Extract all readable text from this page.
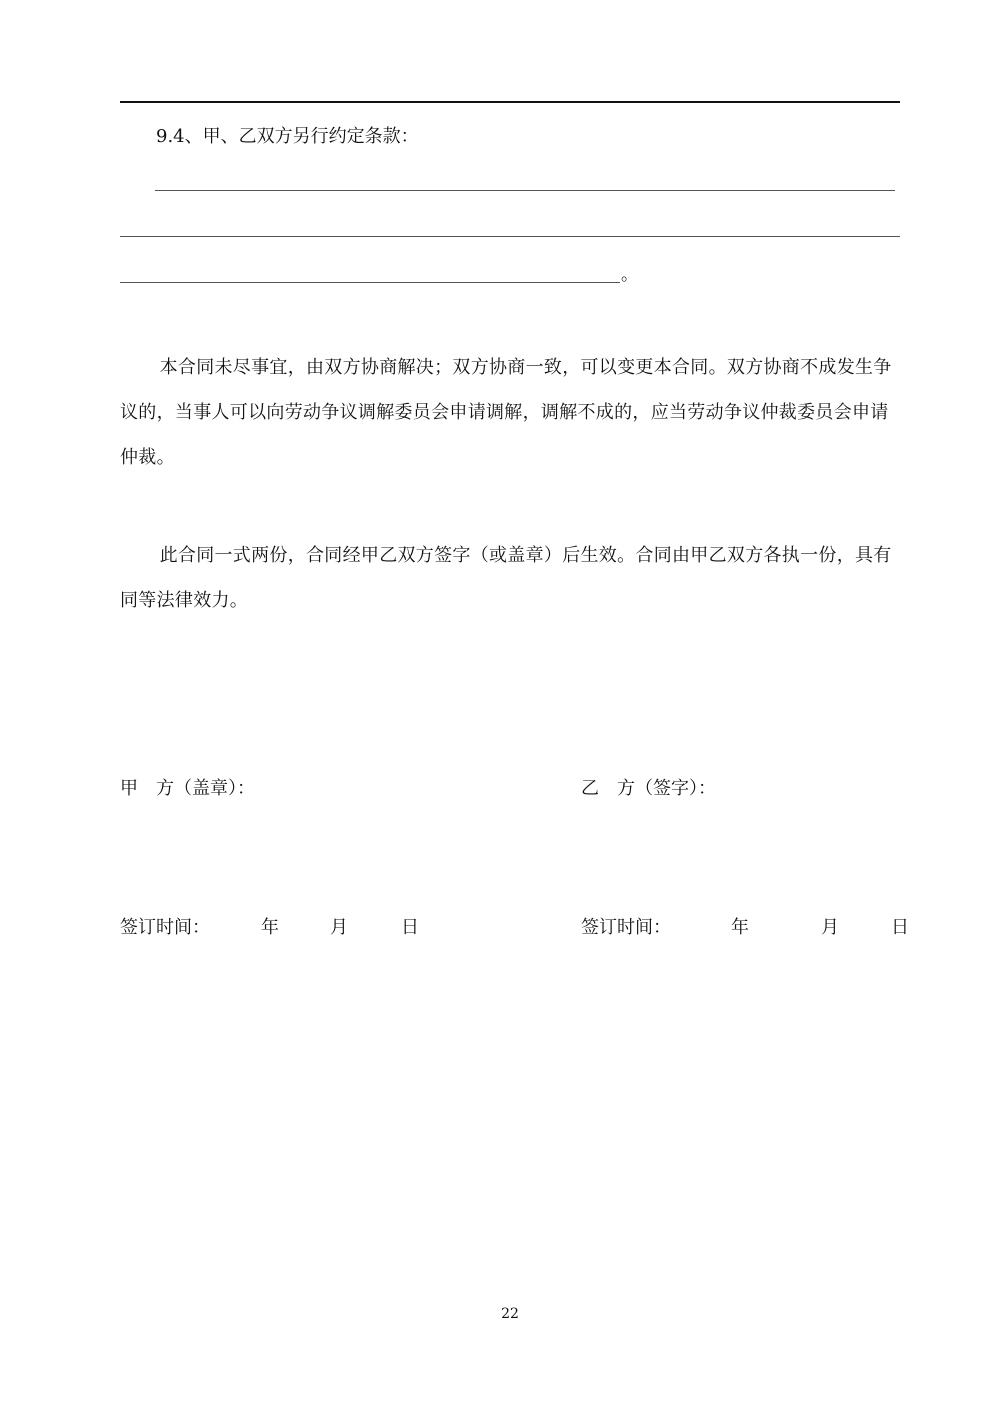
9.4、甲、乙双方另行约定条款：
。

本合同未尽事宜，由双方协商解决；双方协商一致，可以变更本合同。双方协商不成发生争议的，当事人可以向劳动争议调解委员会申请调解，调解不成的，应当劳动争议仲裁委员会申请仲裁。

此合同一式两份，合同经甲乙双方签字（或盖章）后生效。合同由甲乙双方各执一份，具有同等法律效力。

甲　方（盖章）：	乙　方（签字）：
签订时间：	年	月	日	签订时间：	年	月	日
22
